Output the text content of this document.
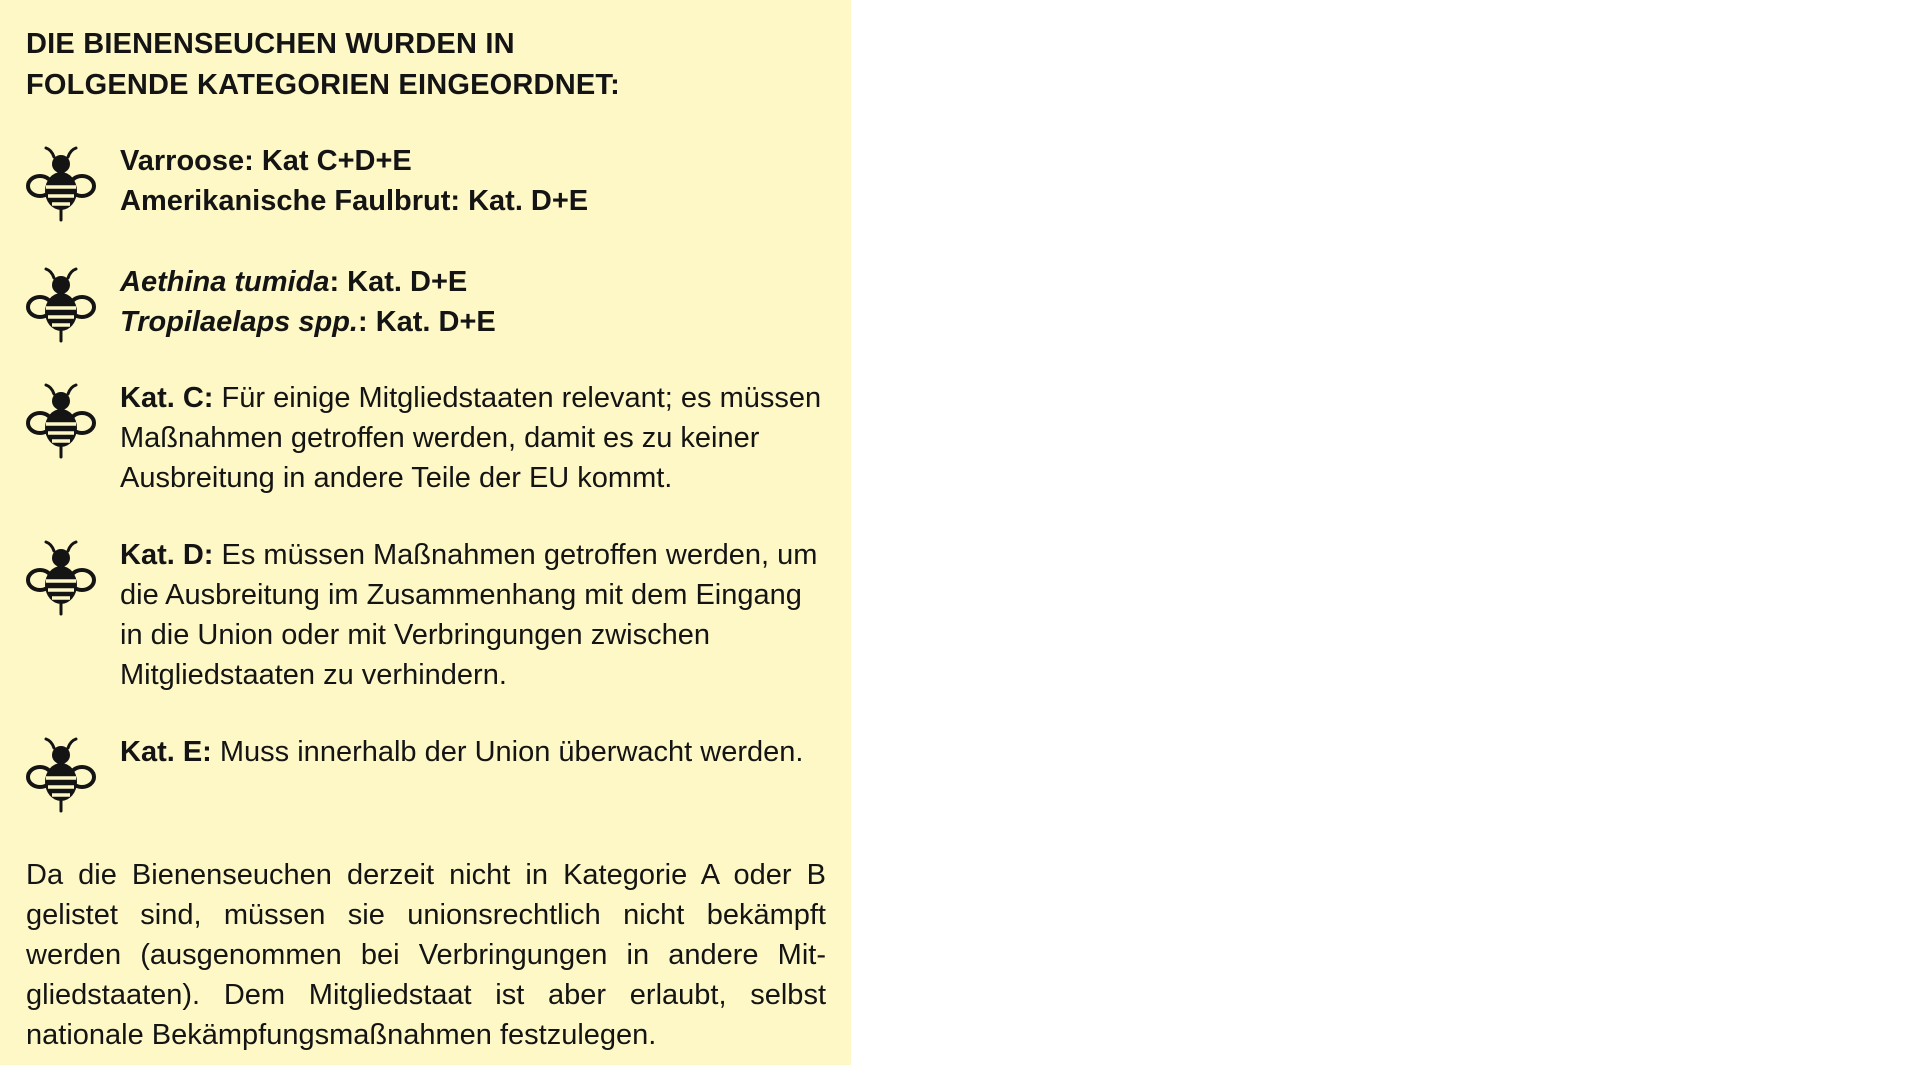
DIE BIENENSEUCHEN WURDEN IN
FOLGENDE KATEGORIEN EINGEORDNET:
Varroose: Kat C+D+E
Amerikanische Faulbrut: Kat. D+E
Aethina tumida: Kat. D+E
Tropilaelaps spp.: Kat. D+E
Kat. C: Für einige Mitgliedstaaten relevant; es müssen Maßnahmen getroffen werden, damit es zu keiner Ausbreitung in andere Teile der EU kommt.
Kat. D: Es müssen Maßnahmen getroffen werden, um die Ausbreitung im Zusammenhang mit dem Eingang in die Union oder mit Verbringungen zwischen Mitgliedstaaten zu verhindern.
Kat. E: Muss innerhalb der Union überwacht werden.

Da die Bienenseuchen derzeit nicht in Kategorie A oder B gelistet sind, müssen sie unionsrechtlich nicht bekämpft werden (ausgenommen bei Verbringungen in andere Mitgliedstaaten). Dem Mitgliedstaat ist aber erlaubt, selbst nationale Bekämpfungsmaßnahmen festzulegen.
